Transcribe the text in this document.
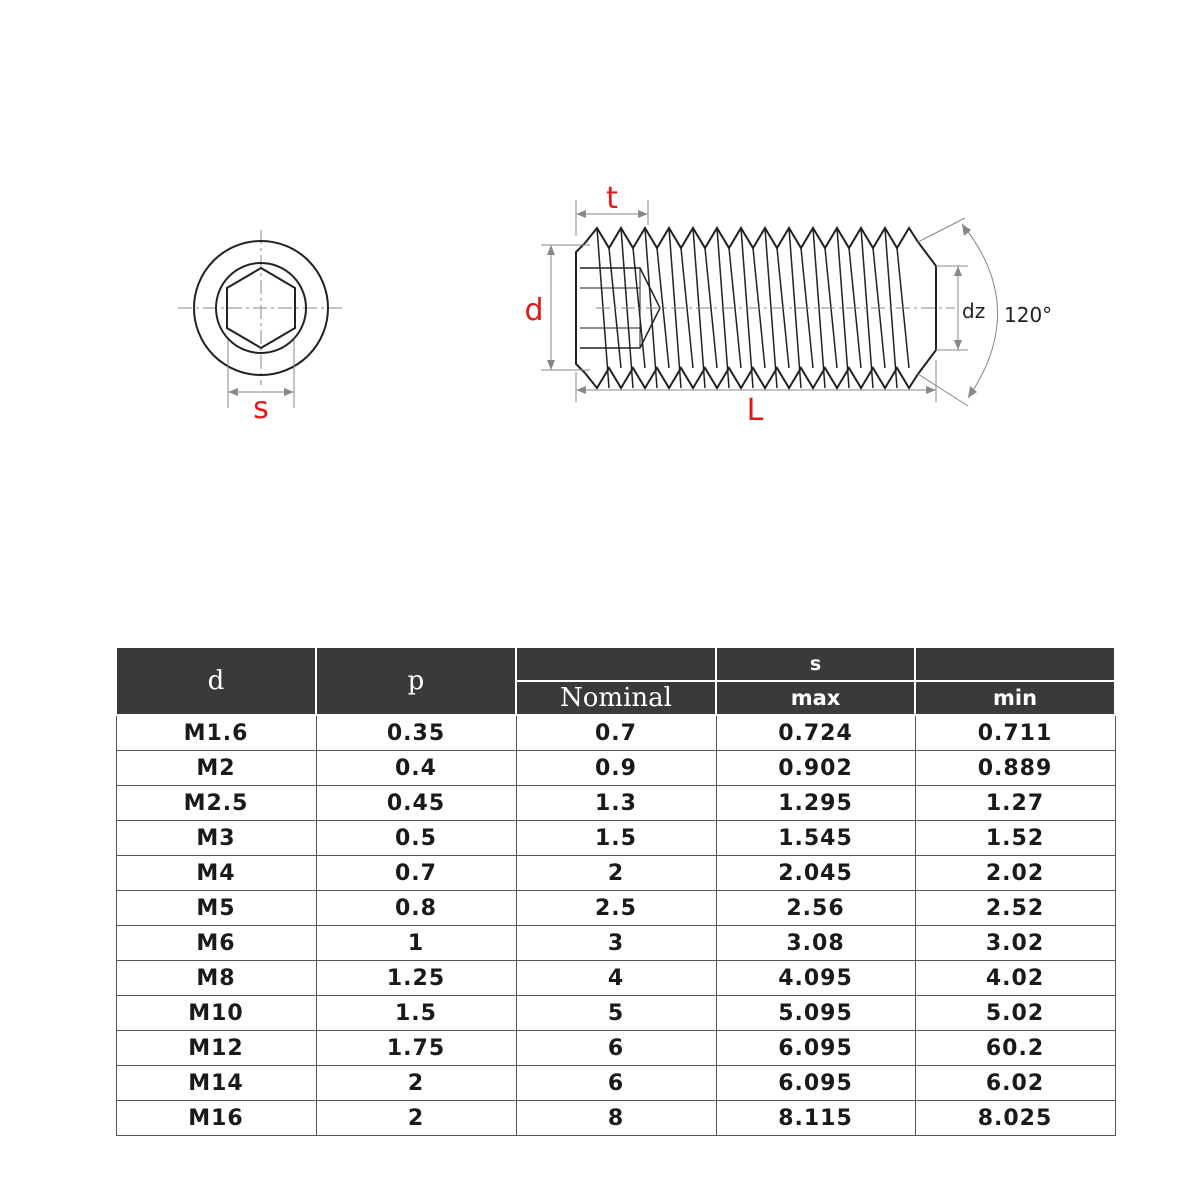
s
t
d
L
dz 120°
d	p		s	
		Nominal	max	min
M1.6	0.35	0.7	0.724	0.711
M2	0.4	0.9	0.902	0.889
M2.5	0.45	1.3	1.295	1.27
M3	0.5	1.5	1.545	1.52
M4	0.7	2	2.045	2.02
M5	0.8	2.5	2.56	2.52
M6	1	3	3.08	3.02
M8	1.25	4	4.095	4.02
M10	1.5	5	5.095	5.02
M12	1.75	6	6.095	60.2
M14	2	6	6.095	6.02
M16	2	8	8.115	8.025
